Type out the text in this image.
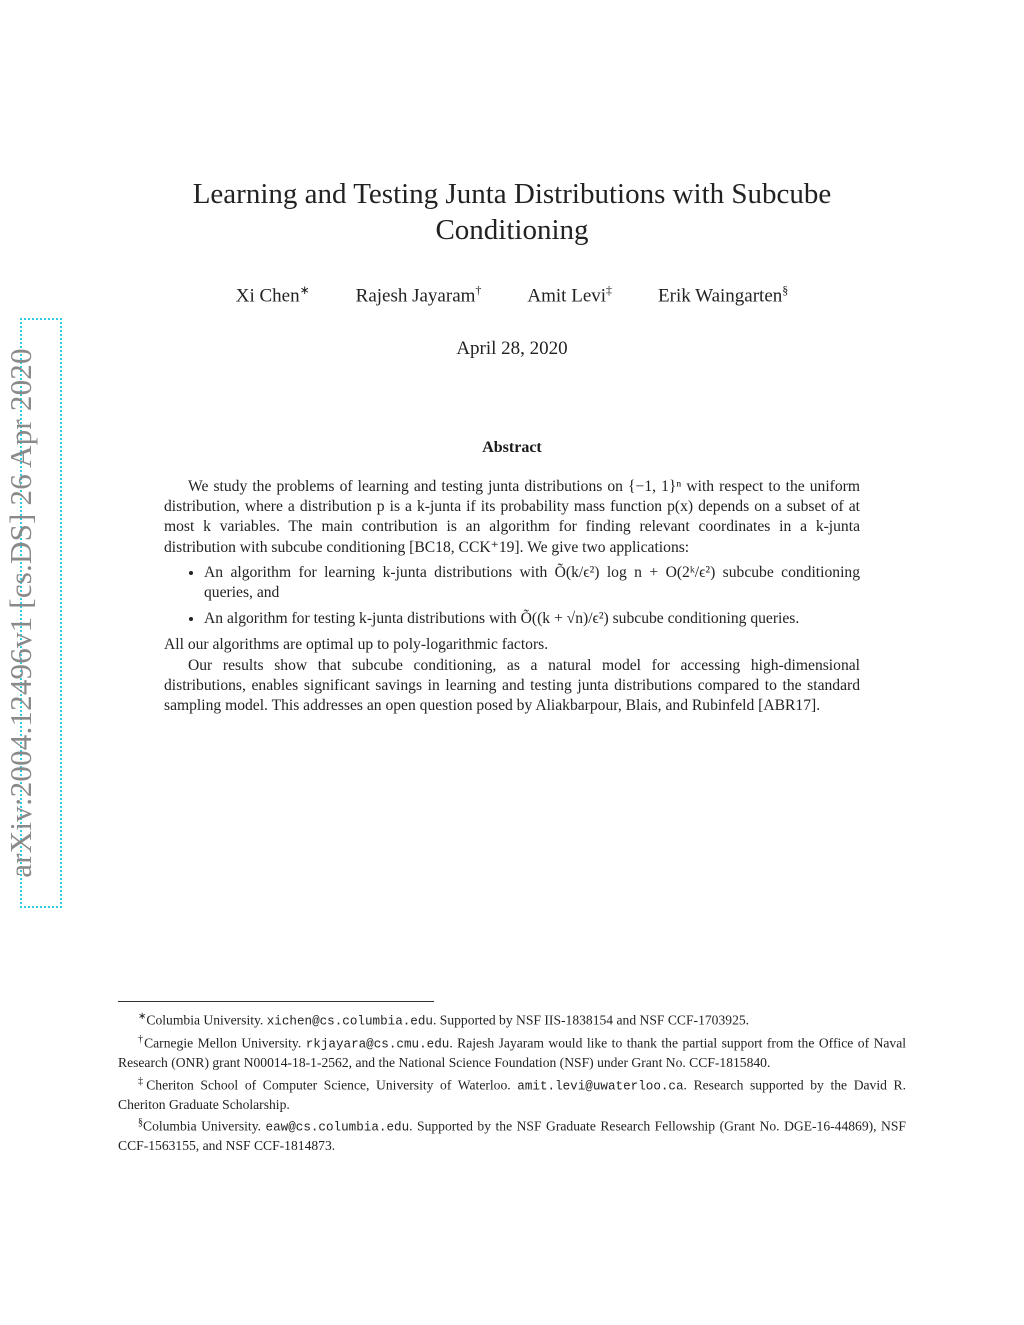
arXiv:2004.12496v1 [cs.DS] 26 Apr 2020
Learning and Testing Junta Distributions with Subcube Conditioning
Xi Chen∗ Rajesh Jayaram† Amit Levi‡ Erik Waingarten§
April 28, 2020
Abstract

We study the problems of learning and testing junta distributions on {−1, 1}ⁿ with respect to the uniform distribution, where a distribution p is a k-junta if its probability mass function p(x) depends on a subset of at most k variables. The main contribution is an algorithm for finding relevant coordinates in a k-junta distribution with subcube conditioning [BC18, CCK⁺19]. We give two applications:

• An algorithm for learning k-junta distributions with Õ(k/ϵ²) log n + O(2ᵏ/ϵ²) subcube conditioning queries, and
• An algorithm for testing k-junta distributions with Õ((k + √n)/ϵ²) subcube conditioning queries.

All our algorithms are optimal up to poly-logarithmic factors.

Our results show that subcube conditioning, as a natural model for accessing high-dimensional distributions, enables significant savings in learning and testing junta distributions compared to the standard sampling model. This addresses an open question posed by Aliakbarpour, Blais, and Rubinfeld [ABR17].

∗Columbia University. xichen@cs.columbia.edu. Supported by NSF IIS-1838154 and NSF CCF-1703925.

†Carnegie Mellon University. rkjayara@cs.cmu.edu. Rajesh Jayaram would like to thank the partial support from the Office of Naval Research (ONR) grant N00014-18-1-2562, and the National Science Foundation (NSF) under Grant No. CCF-1815840.

‡Cheriton School of Computer Science, University of Waterloo. amit.levi@uwaterloo.ca. Research supported by the David R. Cheriton Graduate Scholarship.

§Columbia University. eaw@cs.columbia.edu. Supported by the NSF Graduate Research Fellowship (Grant No. DGE-16-44869), NSF CCF-1563155, and NSF CCF-1814873.
